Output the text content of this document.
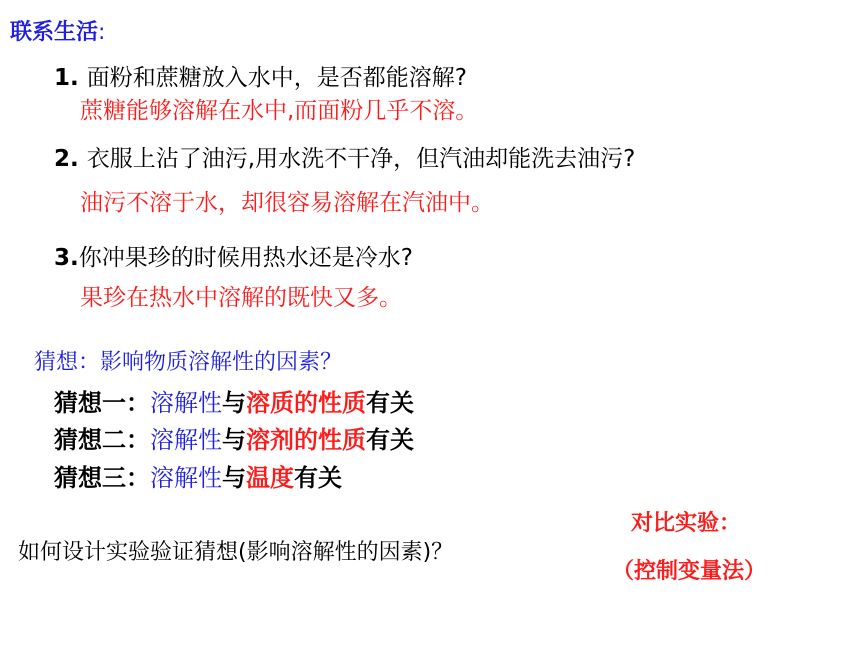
联系生活:
1. 面粉和蔗糖放入水中，是否都能溶解?
蔗糖能够溶解在水中,而面粉几乎不溶。
2. 衣服上沾了油污,用水洗不干净，但汽油却能洗去油污?
油污不溶于水，却很容易溶解在汽油中。
3.你冲果珍的时候用热水还是冷水?
果珍在热水中溶解的既快又多。
猜想：影响物质溶解性的因素？
猜想一：溶解性与溶质的性质有关
猜想二：溶解性与溶剂的性质有关
猜想三：溶解性与温度有关
对比实验：
（控制变量法）
如何设计实验验证猜想(影响溶解性的因素)？
